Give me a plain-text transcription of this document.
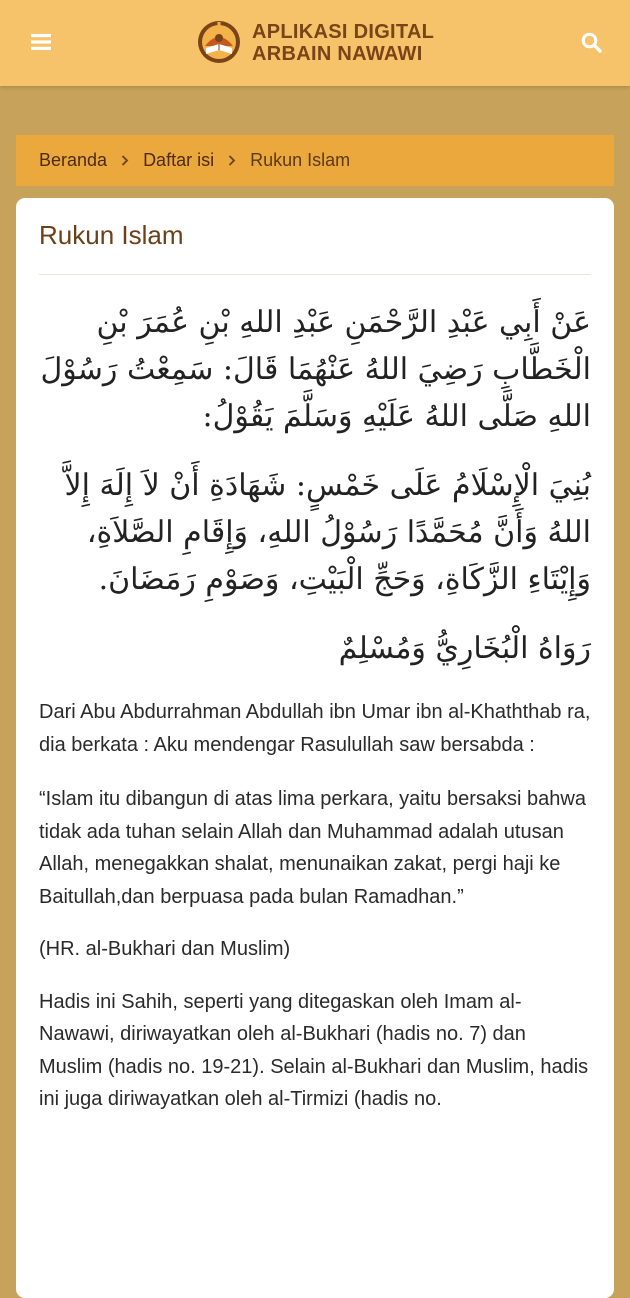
APLIKASI DIGITAL
ARBAIN NAWAWI
Beranda Daftar isi Rukun Islam
Rukun Islam

عَنْ أَبِي عَبْدِ الرَّحْمَنِ عَبْدِ اللهِ بْنِ عُمَرَ بْنِ الْخَطَّابِ رَضِيَ اللهُ عَنْهُمَا قَالَ: سَمِعْتُ رَسُوْلَ اللهِ صَلَّى اللهُ عَلَيْهِ وَسَلَّمَ يَقُوْلُ:

بُنِيَ الْإِسْلَامُ عَلَى خَمْسٍ: شَهَادَةِ أَنْ لاَ إِلَهَ إِلاَّ اللهُ وَأَنَّ مُحَمَّدًا رَسُوْلُ اللهِ، وَإِقَامِ الصَّلاَةِ، وَإِيْتَاءِ الزَّكَاةِ، وَحَجِّ الْبَيْتِ، وَصَوْمِ رَمَضَانَ.

رَوَاهُ الْبُخَارِيُّ وَمُسْلِمٌ

Dari Abu Abdurrahman Abdullah ibn Umar ibn al-Khaththab ra, dia berkata : Aku mendengar Rasulullah saw bersabda :

“Islam itu dibangun di atas lima perkara, yaitu bersaksi bahwa tidak ada tuhan selain Allah dan Muhammad adalah utusan Allah, menegakkan shalat, menunaikan zakat, pergi haji ke Baitullah,dan berpuasa pada bulan Ramadhan.”

(HR. al-Bukhari dan Muslim)

Hadis ini Sahih, seperti yang ditegaskan oleh Imam al-Nawawi, diriwayatkan oleh al-Bukhari (hadis no. 7) dan Muslim (hadis no. 19-21). Selain al-Bukhari dan Muslim, hadis ini juga diriwayatkan oleh al-Tirmizi (hadis no.
